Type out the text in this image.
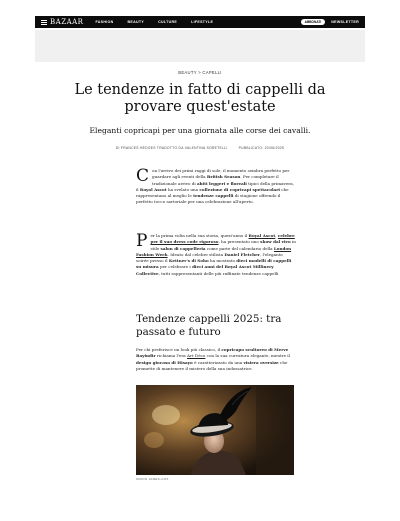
BAZAAR	FASHION	BEAUTY	CULTURE	LIFESTYLE	ABBONATI	NEWSLETTER
BEAUTY > CAPELLI
Le tendenze in fatto di cappelli da provare quest'estate
Eleganti copricapi per una giornata alle corse dei cavalli.
DI FRANCES HEDGES TRADOTTO DA VALENTINA SORETELLI	PUBBLICATO: 20/06/2025
Con l'arrivo dei primi raggi di sole, il momento sembra perfetto per guardare agli eventi della British Season. Per completare il tradizionale arrivo di abiti leggeri e floreali tipici della primavera, il Royal Ascot ha svelato una collezione di copricapi spettacolari che rappresentano al meglio le tendenze cappelli di stagione offrendo il perfetto tocco sartoriale per una celebrazione all'aperto.
Per la prima volta nella sua storia, quest'anno il Royal Ascot, celebre per il suo dress code rigoroso, ha presentato uno show dal vivo in stile salon di cappelleria come parte del calendario della London Fashion Week. Ideato dal celebre stilista Daniel Fletcher, l'elegante soirée presso il Kettner's di Soho ha mostrato dieci modelli di cappelli su misura per celebrare i dieci anni del Royal Ascot Millinery Collective, tutti rappresentanti delle più raffinate tendenze cappelli
Tendenze cappelli 2025: tra passato e futuro
Per chi preferisce un look più classico, il copricapo scultoreo di Merve Bayindir richiama l'era Art Déco con la sua curvatura elegante, mentre il design giocoso di Hisayo è caratterizzato da una visiera oversize che promette di mantenere il mistero della sua indossatrice.
SIMON JAMES-COX
